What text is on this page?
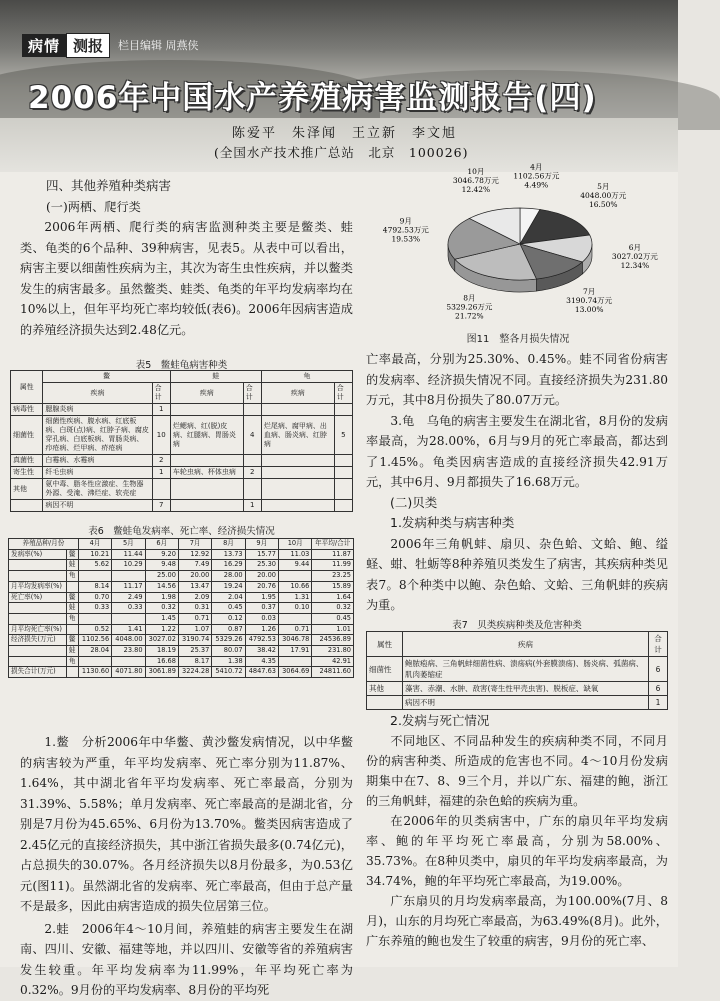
病情 测报	栏目编辑 周燕侠
2006年中国水产养殖病害监测报告(四)
陈爱平　朱泽闻　王立新　李文旭
(全国水产技术推广总站　北京　100026)

四、其他养殖种类病害

(一)两栖、爬行类

2006年两栖、爬行类的病害监测种类主要是鳖类、蛙类、龟类的6个品种、39种病害，见表5。从表中可以看出，病害主要以细菌性疾病为主，其次为寄生虫性疾病，并以鳖类发生的病害最多。虽然鳖类、蛙类、龟类的年平均发病率均在10%以上，但年平均死亡率均较低(表6)。2006年因病害造成的养殖经济损失达到2.48亿元。

表5　鳖蛙龟病害种类
属性	鳖		蛙		龟	
	疾病	合计	疾病	合计	疾病	合计
病毒性	腮腺炎病	1				
细菌性	细菌性疾病、腹水病、红底板病、白斑(点)病、红脖子病、腐皮穿孔病、白底板病、胃肠炎病、疖疮病、烂甲病、疥疮病	10	烂鳃病、红(脱)皮病、红腿病、胃肠炎病	4	烂尾病、腐甲病、出血病、肠炎病、红脖病	5
真菌性	白霉病、水霉病	2				
寄生性	纤毛虫病	1	车轮虫病、杯体虫病	2		
其他	氨中毒、脂冬性应激症、生物器外源、受淹、沸烂症、软壳症					
	病因不明	7		1		
表6　鳖蛙龟发病率、死亡率、经济损失情况
养殖品种/月份		4月	5月	6月	7月	8月	9月	10月	年平均/合计
发病率(%)	鳖	10.21	11.44	9.20	12.92	13.73	15.77	11.03	11.87
	蛙	5.62	10.29	9.48	7.49	16.29	25.30	9.44	11.99
	龟			25.00	20.00	28.00	20.00		23.25
月平均发病率(%)		8.14	11.17	14.56	13.47	19.24	20.76	10.66	15.89
死亡率(%)	鳖	0.70	2.49	1.98	2.09	2.04	1.95	1.31	1.64
	蛙	0.33	0.33	0.32	0.31	0.45	0.37	0.10	0.32
	龟			1.45	0.71	0.12	0.03		0.45
月平均死亡率(%)		0.52	1.41	1.22	1.07	0.87	1.26	0.71	1.01
经济损失(万元)	鳖	1102.56	4048.00	3027.02	3190.74	5329.26	4792.53	3046.78	24536.89
	蛙	28.04	23.80	18.19	25.37	80.07	38.42	17.91	231.80
	龟			16.68	8.17	1.38	4.35		42.91
损失合计(万元)		1130.60	4071.80	3061.89	3224.28	5410.72	4847.63	3064.69	24811.60

1.鳖　分析2006年中华鳖、黄沙鳖发病情况，以中华鳖的病害较为严重，年平均发病率、死亡率分别为11.87%、1.64%，其中湖北省年平均发病率、死亡率最高，分别为31.39%、5.58%；单月发病率、死亡率最高的是湖北省，分别是7月份为45.65%、6月份为13.70%。鳖类因病害造成了2.45亿元的直接经济损失，其中浙江省损失最多(0.74亿元)，占总损失的30.07%。各月经济损失以8月份最多，为0.53亿元(图11)。虽然湖北省的发病率、死亡率最高，但由于总产量不是最多，因此由病害造成的损失位居第三位。

2.蛙　2006年4～10月间，养殖蛙的病害主要发生在湖南、四川、安徽、福建等地，并以四川、安徽等省的养殖病害发生较重。年平均发病率为11.99%，年平均死亡率为0.32%。9月份的平均发病率、8月份的平均死

4月 1102.56万元 4.49%	5月 4048.00万元 16.50%
6月 3027.02万元 12.34%
7月 3190.74万元 13.00%
8月 5329.26万元 21.72%
9月 4792.53万元 19.53%
10月 3046.78万元 12.42%
图11　整各月损失情况

亡率最高，分别为25.30%、0.45%。蛙不同省份病害的发病率、经济损失情况不同。直接经济损失为231.80万元，其中8月份损失了80.07万元。

3.龟　乌龟的病害主要发生在湖北省，8月份的发病率最高，为28.00%，6月与9月的死亡率最高，都达到了1.45%。龟类因病害造成的直接经济损失42.91万元，其中6月、9月都损失了16.68万元。

(二)贝类

1.发病种类与病害种类

2006年三角帆蚌、扇贝、杂色蛤、文蛤、鲍、缢蛏、蚶、牡蛎等8种养殖贝类发生了病害，其疾病种类见表7。8个种类中以鲍、杂色蛤、文蛤、三角帆蚌的疾病为重。

表7　贝类疾病种类及危害种类
属性	疾病	合计
细菌性	鲍脓疱病、三角帆蚌细菌性病、溃疡病(外套膜溃疡)、肠炎病、弧菌病、肌肉萎缩症	6
其他	藻害、赤潮、水肿、敌害(寄生性甲壳虫害)、脱板症、缺氧	6
	病因不明	1

2.发病与死亡情况

不同地区、不同品种发生的疾病种类不同，不同月份的病害种类、所造成的危害也不同。4～10月份发病期集中在7、8、9三个月，并以广东、福建的鲍，浙江的三角帆蚌，福建的杂色蛤的疾病为重。

在2006年的贝类病害中，广东的扇贝年平均发病率、鲍的年平均死亡率最高，分别为58.00%、35.73%。在8种贝类中，扇贝的年平均发病率最高，为34.74%，鲍的年平均死亡率最高，为19.00%。

广东扇贝的月均发病率最高，为100.00%(7月、8月)，山东的月均死亡率最高，为63.49%(8月)。此外，广东养殖的鲍也发生了较重的病害，9月份的死亡率、
